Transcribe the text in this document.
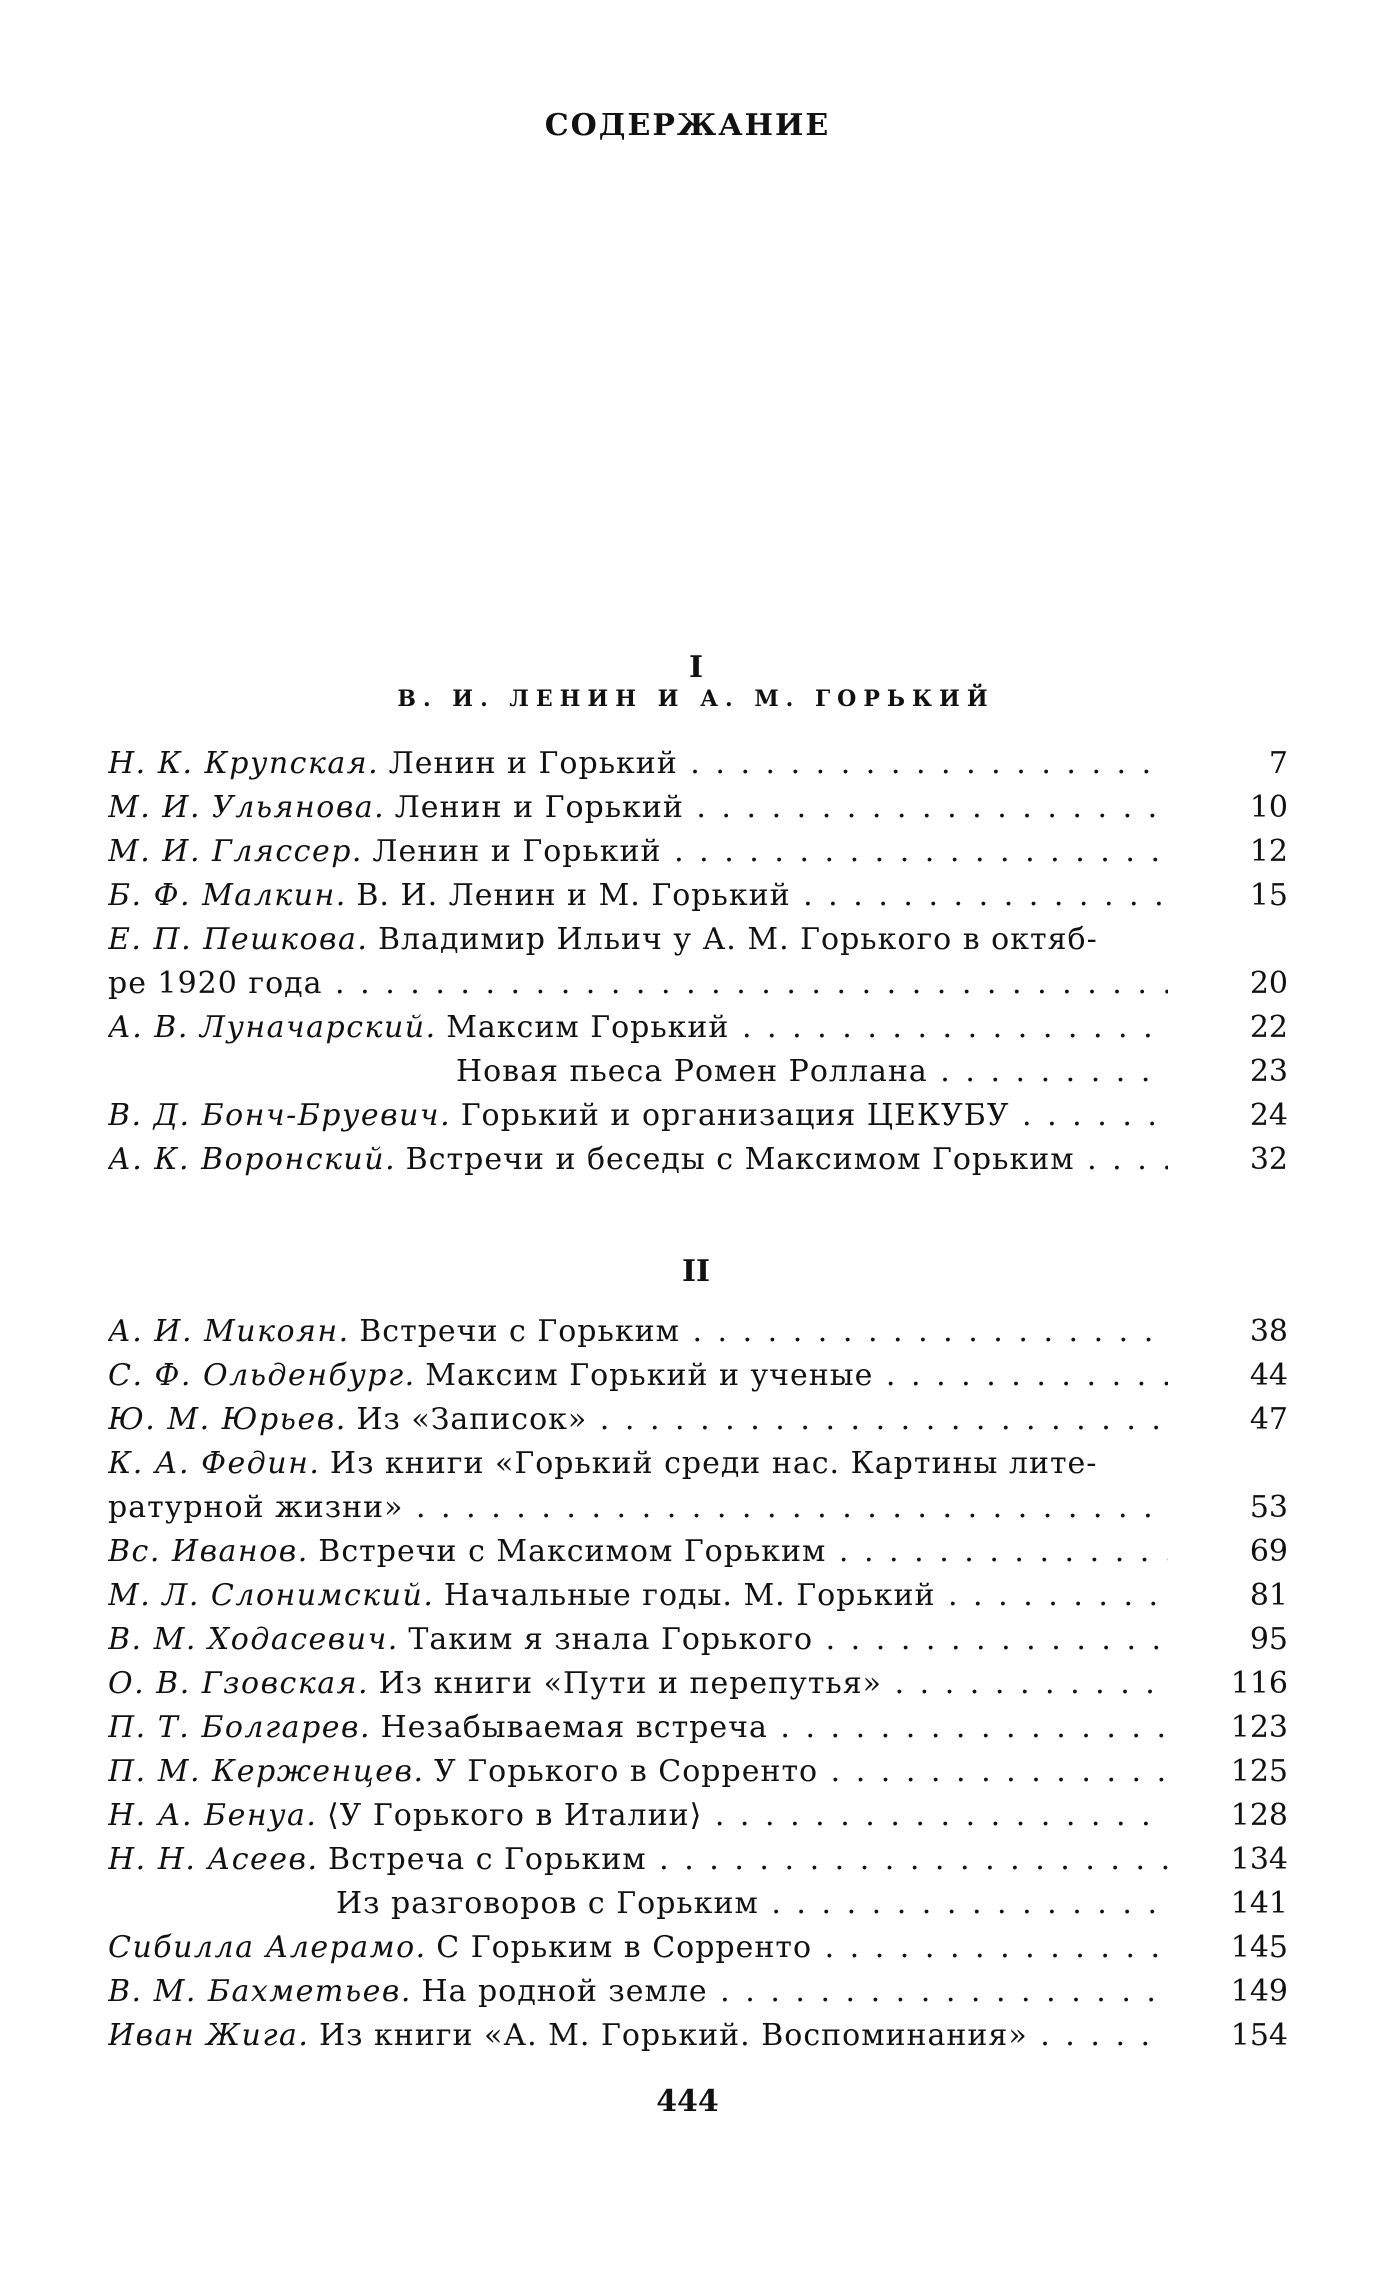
СОДЕРЖАНИЕ
I
В. И. ЛЕНИН И А. М. ГОРЬКИЙ
Н. К. Крупская. Ленин и Горький . . .	7
М. И. Ульянова. Ленин и Горький . . .	10
М. И. Гляссер. Ленин и Горький . . .	12
Б. Ф. Малкин. В. И. Ленин и М. Горький . . .	15
Е. П. Пешкова. Владимир Ильич у А. М. Горького в октяб-
ре 1920 года . . .	20
А. В. Луначарский. Максим Горький . . .	22
Новая пьеса Ромен Роллана . . .	23
В. Д. Бонч-Бруевич. Горький и организация ЦЕКУБУ . . .	24
А. К. Воронский. Встречи и беседы с Максимом Горьким . . .	32
II
А. И. Микоян. Встречи с Горьким . . .	38
С. Ф. Ольденбург. Максим Горький и ученые . . .	44
Ю. М. Юрьев. Из «Записок» . . .	47
К. А. Федин. Из книги «Горький среди нас. Картины лите-
ратурной жизни» . . .	53
Вс. Иванов. Встречи с Максимом Горьким . . .	69
М. Л. Слонимский. Начальные годы. М. Горький . . .	81
В. М. Ходасевич. Таким я знала Горького . . .	95
О. В. Гзовская. Из книги «Пути и перепутья» . . .	116
П. Т. Болгарев. Незабываемая встреча . . .	123
П. М. Керженцев. У Горького в Сорренто . . .	125
Н. А. Бенуа. ⟨У Горького в Италии⟩ . . .	128
Н. Н. Асеев. Встреча с Горьким . . .	134
Из разговоров с Горьким . . .	141
Сибилла Алерамо. С Горьким в Сорренто . . .	145
В. М. Бахметьев. На родной земле . . .	149
Иван Жига. Из книги «А. М. Горький. Воспоминания» . . .	154
444
